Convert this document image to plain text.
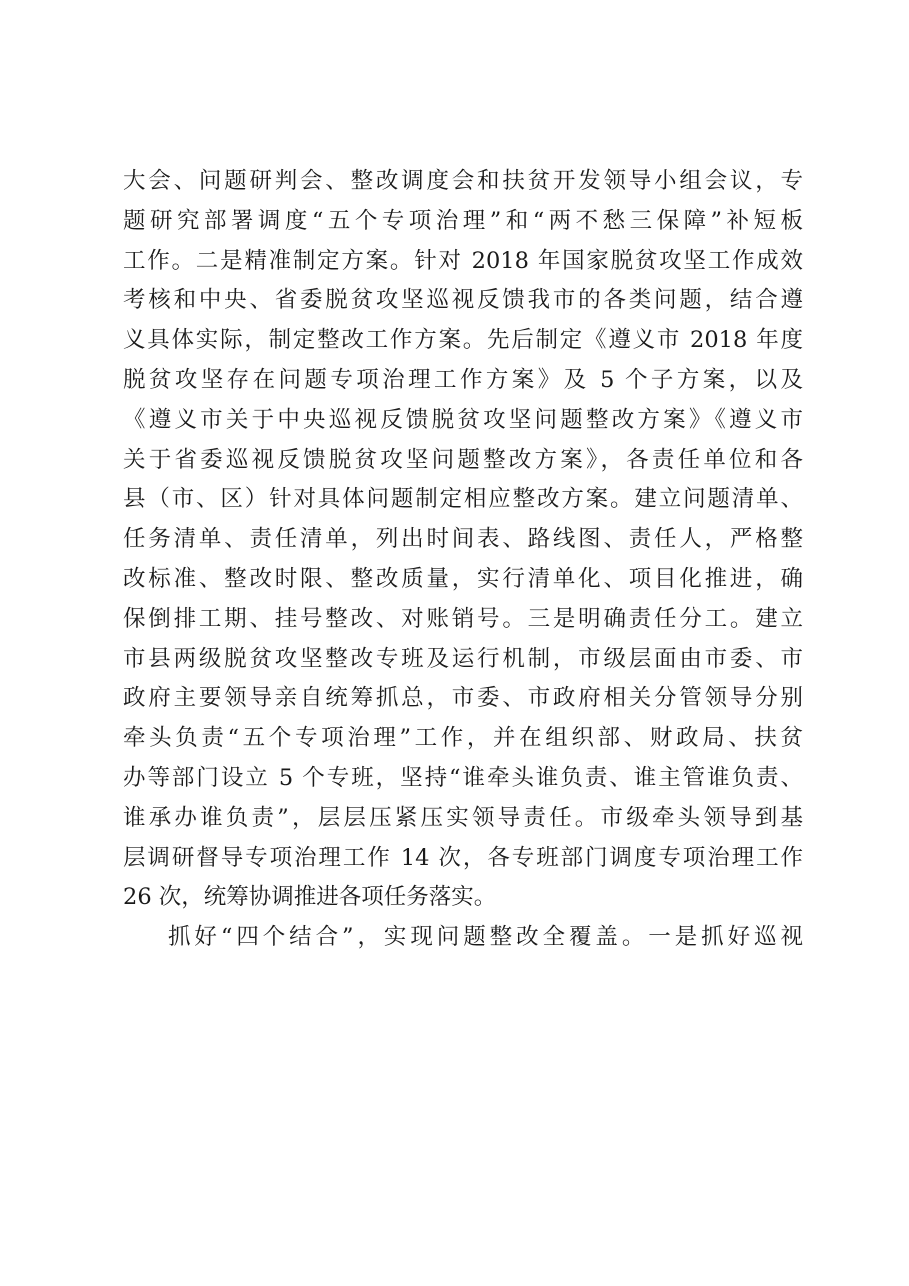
大会、问题研判会、整改调度会和扶贫开发领导小组会议，专
题研究部署调度“五个专项治理”和“两不愁三保障”补短板
工作。二是精准制定方案。针对 2018 年国家脱贫攻坚工作成效
考核和中央、省委脱贫攻坚巡视反馈我市的各类问题，结合遵
义具体实际，制定整改工作方案。先后制定《遵义市 2018 年度
脱贫攻坚存在问题专项治理工作方案》及 5 个子方案，以及
《遵义市关于中央巡视反馈脱贫攻坚问题整改方案》《遵义市
关于省委巡视反馈脱贫攻坚问题整改方案》，各责任单位和各
县（市、区）针对具体问题制定相应整改方案。建立问题清单、
任务清单、责任清单，列出时间表、路线图、责任人，严格整
改标准、整改时限、整改质量，实行清单化、项目化推进，确
保倒排工期、挂号整改、对账销号。三是明确责任分工。建立
市县两级脱贫攻坚整改专班及运行机制，市级层面由市委、市
政府主要领导亲自统筹抓总，市委、市政府相关分管领导分别
牵头负责“五个专项治理”工作，并在组织部、财政局、扶贫
办等部门设立 5 个专班，坚持“谁牵头谁负责、谁主管谁负责、
谁承办谁负责”，层层压紧压实领导责任。市级牵头领导到基
层调研督导专项治理工作 14 次，各专班部门调度专项治理工作
26 次，统筹协调推进各项任务落实。
抓好“四个结合”，实现问题整改全覆盖。一是抓好巡视
